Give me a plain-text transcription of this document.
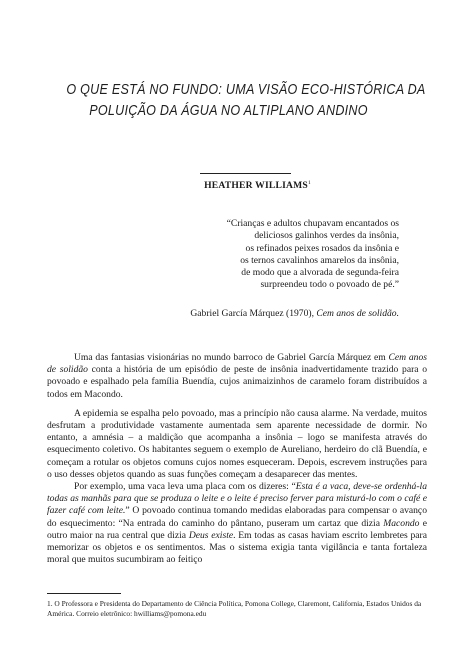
O QUE ESTÁ NO FUNDO: UMA VISÃO ECO-HISTÓRICA DA
POLUIÇÃO DA ÁGUA NO ALTIPLANO ANDINO
HEATHER WILLIAMS$^1$
“Crianças e adultos chupavam encantados os
deliciosos galinhos verdes da insônia,
os refinados peixes rosados da insônia e
os ternos cavalinhos amarelos da insônia,
de modo que a alvorada de segunda-feira
surpreendeu todo o povoado de pé.”
Gabriel García Márquez (1970), Cem anos de solidão.

Uma das fantasias visionárias no mundo barroco de Gabriel García Márquez em Cem anos de solidão conta a história de um episódio de peste de insônia inadvertidamente trazido para o povoado e espalhado pela família Buendía, cujos animaizinhos de caramelo foram distribuídos a todos em Macondo.

A epidemia se espalha pelo povoado, mas a princípio não causa alarme. Na verdade, muitos desfrutam a produtividade vastamente aumentada sem aparente necessidade de dormir. No entanto, a amnésia – a maldição que acompanha a insônia – logo se manifesta através do esquecimento coletivo. Os habitantes seguem o exemplo de Aureliano, herdeiro do clã Buendía, e começam a rotular os objetos comuns cujos nomes esqueceram. Depois, escrevem instruções para o uso desses objetos quando as suas funções começam a desaparecer das mentes.

Por exemplo, uma vaca leva uma placa com os dizeres: “Esta é a vaca, deve-se ordenhá-la todas as manhãs para que se produza o leite e o leite é preciso ferver para misturá-lo com o café e fazer café com leite.” O povoado continua tomando medidas elaboradas para compensar o avanço do esquecimento: “Na entrada do caminho do pântano, puseram um cartaz que dizia Macondo e outro maior na rua central que dizia Deus existe. Em todas as casas haviam escrito lembretes para memorizar os objetos e os sentimentos. Mas o sistema exigia tanta vigilância e tanta fortaleza moral que muitos sucumbiram ao feitiço

1. O Professora e Presidenta do Departamento de Ciência Política, Pomona College, Claremont, California, Estados Unidos da América. Correio eletrônico: hwilliams@pomona.edu
